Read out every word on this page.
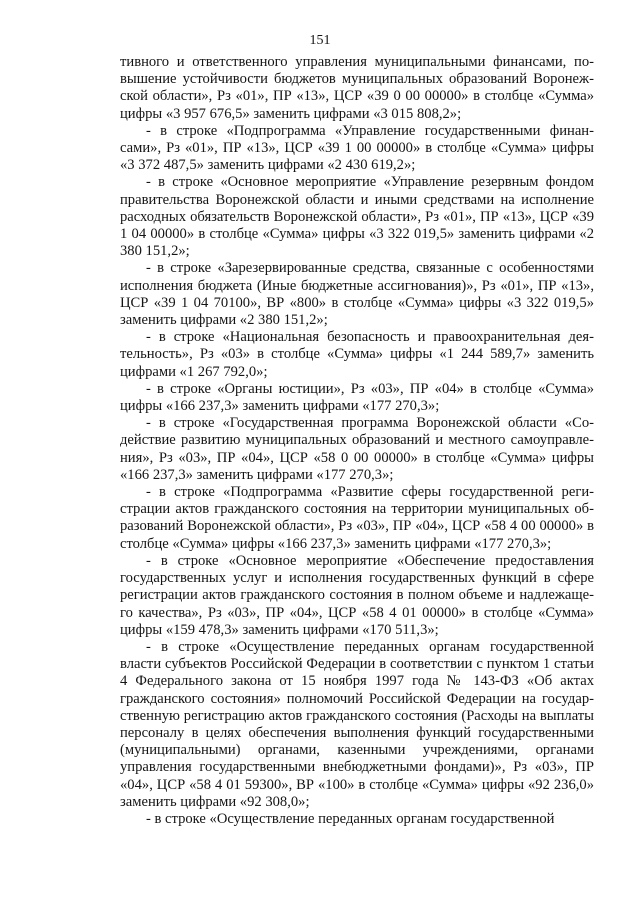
151

тивного и ответственного управления муниципальными финансами, повышение устойчивости бюджетов муниципальных образований Воронежской области», Рз «01», ПР «13», ЦСР «39 0 00 00000» в столбце «Сумма» цифры «3 957 676,5» заменить цифрами «3 015 808,2»;

- в строке «Подпрограмма «Управление государственными финансами», Рз «01», ПР «13», ЦСР «39 1 00 00000» в столбце «Сумма» цифры «3 372 487,5» заменить цифрами «2 430 619,2»;

- в строке «Основное мероприятие «Управление резервным фондом правительства Воронежской области и иными средствами на исполнение расходных обязательств Воронежской области», Рз «01», ПР «13», ЦСР «39 1 04 00000» в столбце «Сумма» цифры «3 322 019,5» заменить цифрами «2 380 151,2»;

- в строке «Зарезервированные средства, связанные с особенностями исполнения бюджета (Иные бюджетные ассигнования)», Рз «01», ПР «13», ЦСР «39 1 04 70100», ВР «800» в столбце «Сумма» цифры «3 322 019,5» заменить цифрами «2 380 151,2»;

- в строке «Национальная безопасность и правоохранительная деятельность», Рз «03» в столбце «Сумма» цифры «1 244 589,7» заменить цифрами «1 267 792,0»;

- в строке «Органы юстиции», Рз «03», ПР «04» в столбце «Сумма» цифры «166 237,3» заменить цифрами «177 270,3»;

- в строке «Государственная программа Воронежской области «Содействие развитию муниципальных образований и местного самоуправления», Рз «03», ПР «04», ЦСР «58 0 00 00000» в столбце «Сумма» цифры «166 237,3» заменить цифрами «177 270,3»;

- в строке «Подпрограмма «Развитие сферы государственной регистрации актов гражданского состояния на территории муниципальных образований Воронежской области», Рз «03», ПР «04», ЦСР «58 4 00 00000» в столбце «Сумма» цифры «166 237,3» заменить цифрами «177 270,3»;

- в строке «Основное мероприятие «Обеспечение предоставления государственных услуг и исполнения государственных функций в сфере регистрации актов гражданского состояния в полном объеме и надлежащего качества», Рз «03», ПР «04», ЦСР «58 4 01 00000» в столбце «Сумма» цифры «159 478,3» заменить цифрами «170 511,3»;

- в строке «Осуществление переданных органам государственной власти субъектов Российской Федерации в соответствии с пунктом 1 статьи 4 Федерального закона от 15 ноября 1997 года № 143-ФЗ «Об актах гражданского состояния» полномочий Российской Федерации на государственную регистрацию актов гражданского состояния (Расходы на выплаты персоналу в целях обеспечения выполнения функций государственными (муниципальными) органами, казенными учреждениями, органами управления государственными внебюджетными фондами)», Рз «03», ПР «04», ЦСР «58 4 01 59300», ВР «100» в столбце «Сумма» цифры «92 236,0» заменить цифрами «92 308,0»;

- в строке «Осуществление переданных органам государственной
